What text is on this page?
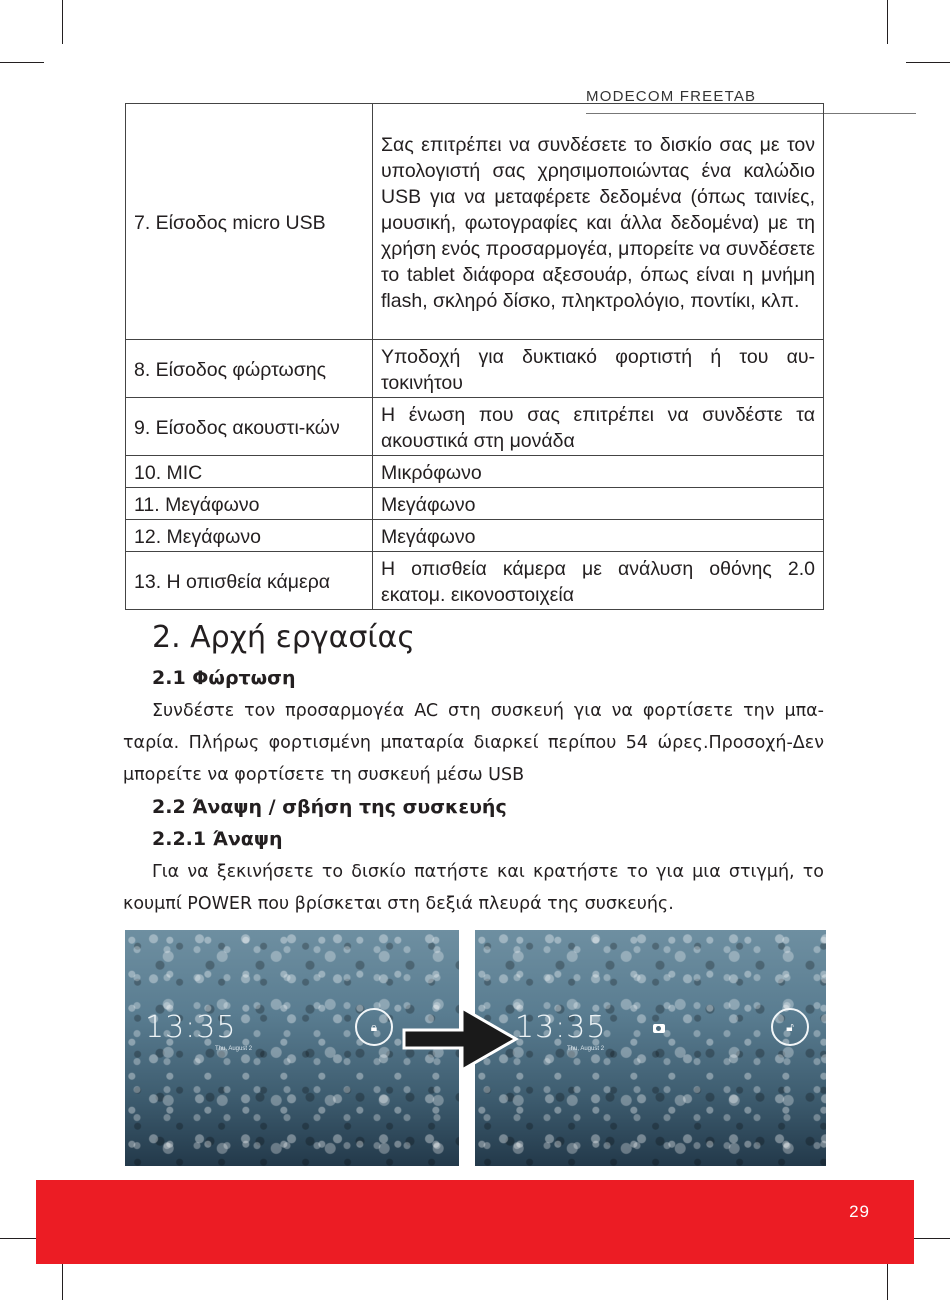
MODECOM FREETAB
7. Είσοδος micro USB	Σας επιτρέπει να συνδέσετε το δισκίο σας με τον υπολογιστή σας χρησιμοποιώντας ένα καλώδιο USB για να μεταφέρετε δεδομένα (όπως ταινίες, μουσική, φωτογραφίες και άλλα δεδομένα) με τη χρήση ενός προσαρμογέα, μπορείτε να συνδέσετε το tablet διάφορα αξεσουάρ, όπως είναι η μνήμη flash, σκληρό δίσκο, πληκτρολόγιο, ποντίκι, κλπ.
8. Είσοδος φώρτωσης	Υποδοχή για δυκτιακό φορτιστή ή του αυ-τοκινήτου
9. Είσοδος ακουστι-κών	Η ένωση που σας επιτρέπει να συνδέστε τα ακουστικά στη μονάδα
10. MIC	Μικρόφωνο
11. Μεγάφωνο	Μεγάφωνο
12. Μεγάφωνο	Μεγάφωνο
13. Η οπισθεία κάμερα	Η οπισθεία κάμερα με ανάλυση οθόνης 2.0 εκατομ. εικονοστοιχεία
2. Αρχή εργασίας
2.1 Φώρτωση
Συνδέστε τον προσαρμογέα AC στη συσκευή για να φορτίσετε την μπα-ταρία. Πλήρως φορτισμένη μπαταρία διαρκεί περίπου 54 ώρες.Προσοχή-Δεν μπορείτε να φορτίσετε τη συσκευή μέσω USB
2.2 Άναψη / σβήση της συσκευής
2.2.1 Άναψη
Για να ξεκινήσετε το δισκίο πατήστε και κρατήστε το για μια στιγμή, το κουμπί POWER που βρίσκεται στη δεξιά πλευρά της συσκευής.
13:35
Thu, August 2
🔒︎	13:35
Thu, August 2
🔓︎
29
